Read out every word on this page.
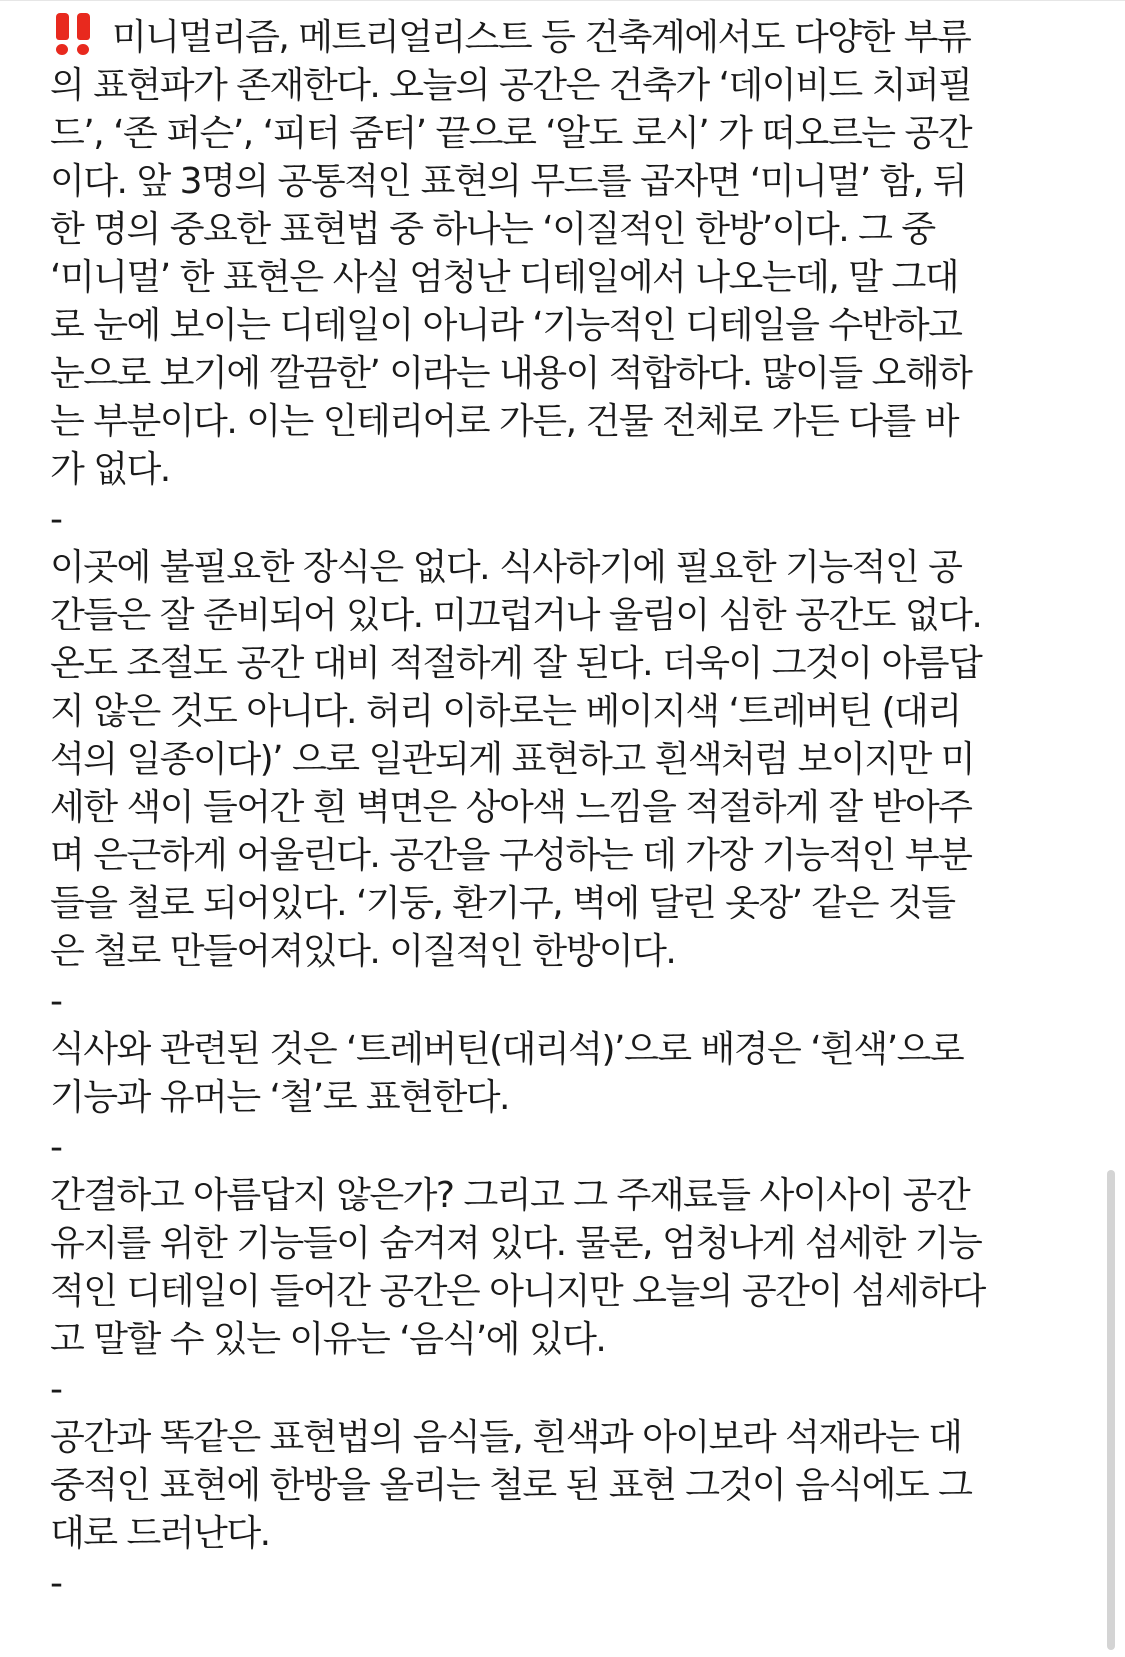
미니멀리즘, 메트리얼리스트 등 건축계에서도 다양한 부류
의 표현파가 존재한다. 오늘의 공간은 건축가 ‘데이비드 치퍼필
드’, ‘존 퍼슨’, ‘피터 줌터’ 끝으로 ‘알도 로시’ 가 떠오르는 공간
이다. 앞 3명의 공통적인 표현의 무드를 곱자면 ‘미니멀’ 함, 뒤
한 명의 중요한 표현법 중 하나는 ‘이질적인 한방’이다. 그 중
‘미니멀’ 한 표현은 사실 엄청난 디테일에서 나오는데, 말 그대
로 눈에 보이는 디테일이 아니라 ‘기능적인 디테일을 수반하고
눈으로 보기에 깔끔한’ 이라는 내용이 적합하다. 많이들 오해하
는 부분이다. 이는 인테리어로 가든, 건물 전체로 가든 다를 바
가 없다.

-

이곳에 불필요한 장식은 없다. 식사하기에 필요한 기능적인 공
간들은 잘 준비되어 있다. 미끄럽거나 울림이 심한 공간도 없다.
온도 조절도 공간 대비 적절하게 잘 된다. 더욱이 그것이 아름답
지 않은 것도 아니다. 허리 이하로는 베이지색 ‘트레버틴 (대리
석의 일종이다)’ 으로 일관되게 표현하고 흰색처럼 보이지만 미
세한 색이 들어간 흰 벽면은 상아색 느낌을 적절하게 잘 받아주
며 은근하게 어울린다. 공간을 구성하는 데 가장 기능적인 부분
들을 철로 되어있다. ‘기둥, 환기구, 벽에 달린 옷장’ 같은 것들
은 철로 만들어져있다. 이질적인 한방이다.

-

식사와 관련된 것은 ‘트레버틴(대리석)’으로 배경은 ‘흰색’으로
기능과 유머는 ‘철’로 표현한다.

-

간결하고 아름답지 않은가? 그리고 그 주재료들 사이사이 공간
유지를 위한 기능들이 숨겨져 있다. 물론, 엄청나게 섬세한 기능
적인 디테일이 들어간 공간은 아니지만 오늘의 공간이 섬세하다
고 말할 수 있는 이유는 ‘음식’에 있다.

-

공간과 똑같은 표현법의 음식들, 흰색과 아이보라 석재라는 대
중적인 표현에 한방을 올리는 철로 된 표현 그것이 음식에도 그
대로 드러난다.

-
